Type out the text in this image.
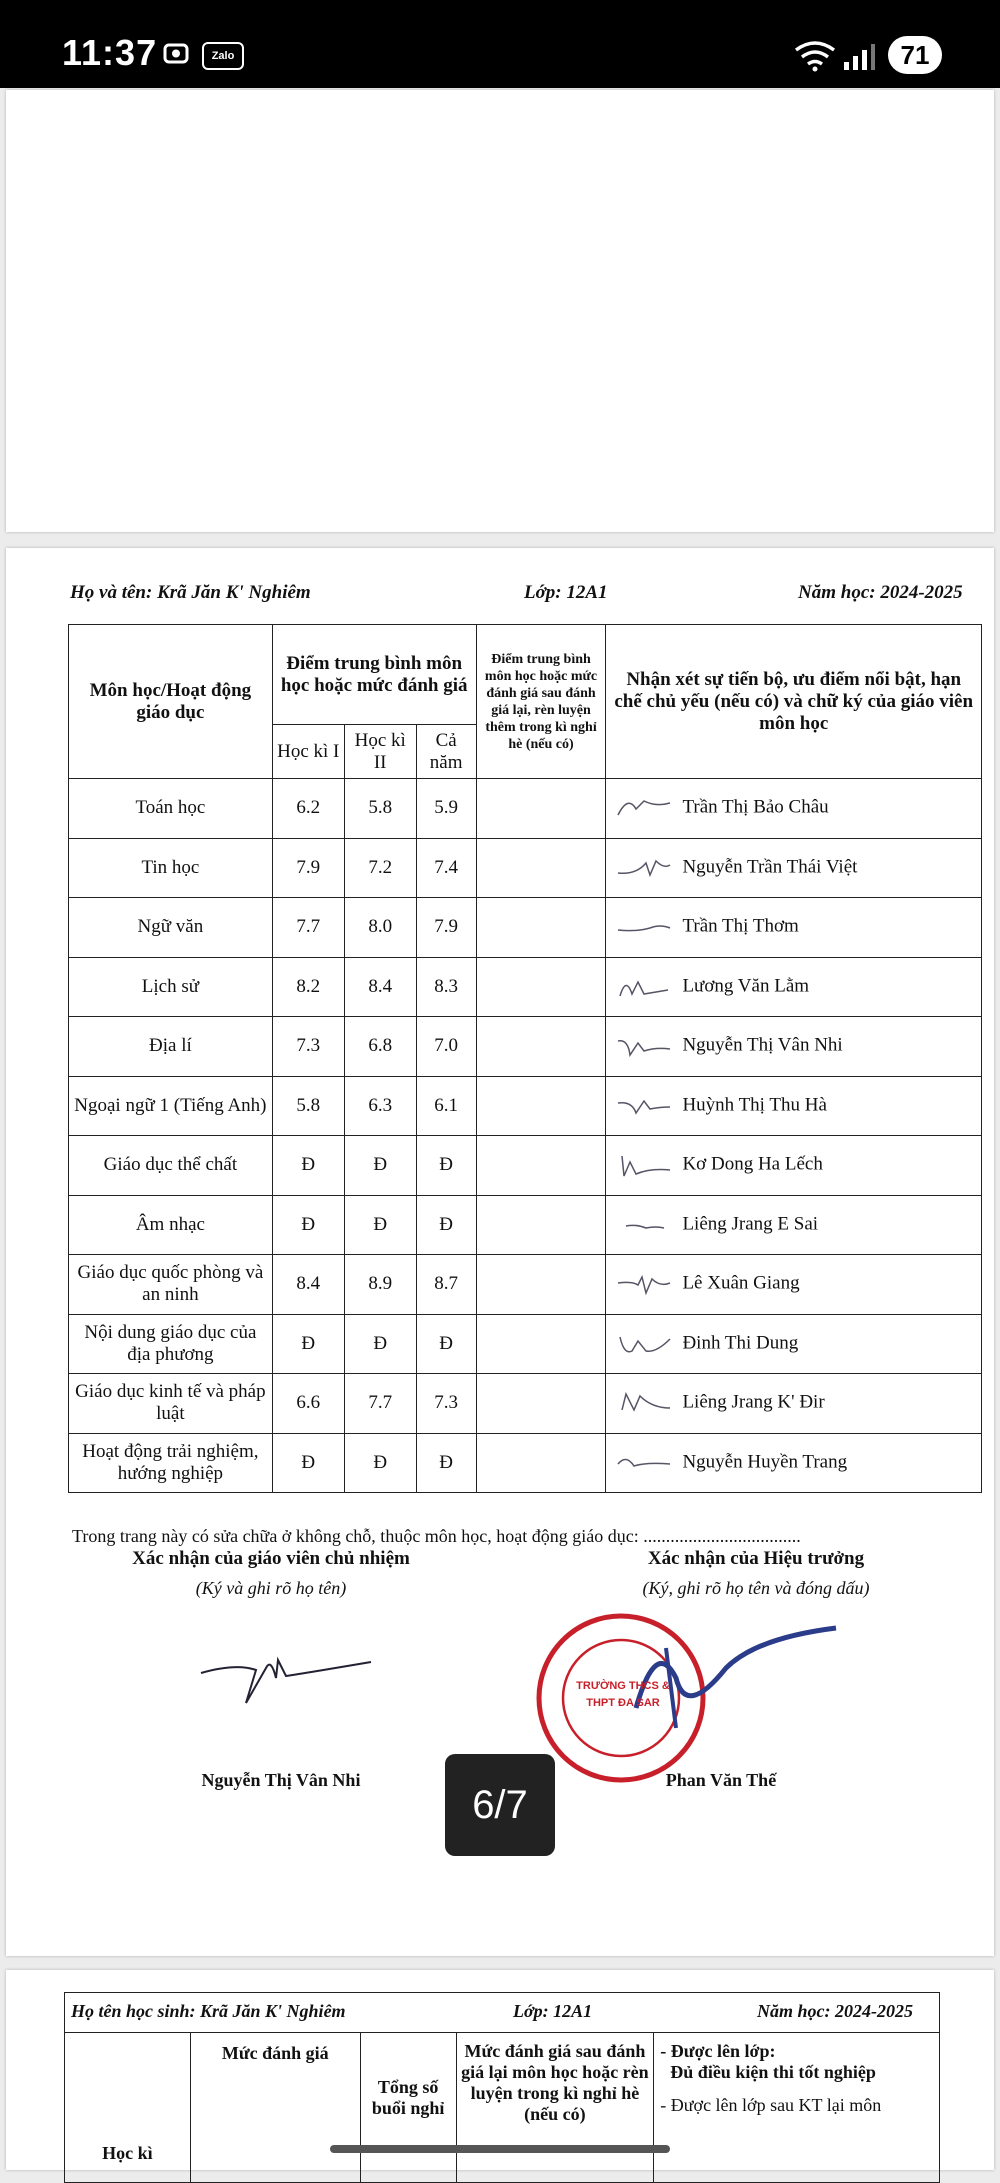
11:37	Zalo	71
Họ và tên: Krã Jăn K' Nghiêm	Lớp: 12A1	Năm học: 2024-2025
Môn học/Hoạt động giáo dục	Điểm trung bình môn học hoặc mức đánh giá			Điểm trung bình môn học hoặc mức đánh giá sau đánh giá lại, rèn luyện thêm trong kì nghỉ hè (nếu có)	Nhận xét sự tiến bộ, ưu điểm nổi bật, hạn chế chủ yếu (nếu có) và chữ ký của giáo viên môn học
	Học kì I	Học kì II	Cả năm		
Toán học	6.2	5.8	5.9		Trần Thị Bảo Châu
Tin học	7.9	7.2	7.4		Nguyễn Trần Thái Việt
Ngữ văn	7.7	8.0	7.9		Trần Thị Thơm
Lịch sử	8.2	8.4	8.3		Lương Văn Lằm
Địa lí	7.3	6.8	7.0		Nguyễn Thị Vân Nhi
Ngoại ngữ 1 (Tiếng Anh)	5.8	6.3	6.1		Huỳnh Thị Thu Hà
Giáo dục thể chất	Đ	Đ	Đ		Kơ Dong Ha Lếch
Âm nhạc	Đ	Đ	Đ		Liêng Jrang E Sai
Giáo dục quốc phòng và an ninh	8.4	8.9	8.7		Lê Xuân Giang
Nội dung giáo dục của địa phương	Đ	Đ	Đ		Đinh Thi Dung
Giáo dục kinh tế và pháp luật	6.6	7.7	7.3		Liêng Jrang K' Đir
Hoạt động trải nghiệm, hướng nghiệp	Đ	Đ	Đ		Nguyễn Huyền Trang
Trong trang này có sửa chữa ở không chỗ, thuộc môn học, hoạt động giáo dục: ...................................
Xác nhận của giáo viên chủ nhiệm
(Ký và ghi rõ họ tên)
Nguyễn Thị Vân Nhi
Xác nhận của Hiệu trưởng
(Ký, ghi rõ họ tên và đóng dấu)
TRƯỜNG THCS & THPT ĐA SAR
Phan Văn Thế
6/7
Họ tên học sinh: Krã Jăn K' Nghiêm	Lớp: 12A1	Năm học: 2024-2025

Học kì	Mức đánh giá	Tổng số buổi nghỉ	Mức đánh giá sau đánh giá lại môn học hoặc rèn luyện trong kì nghỉ hè (nếu có)	
- Được lên lớp:
Đủ điều kiện thi tốt nghiệp
- Được lên lớp sau KT lại môn
